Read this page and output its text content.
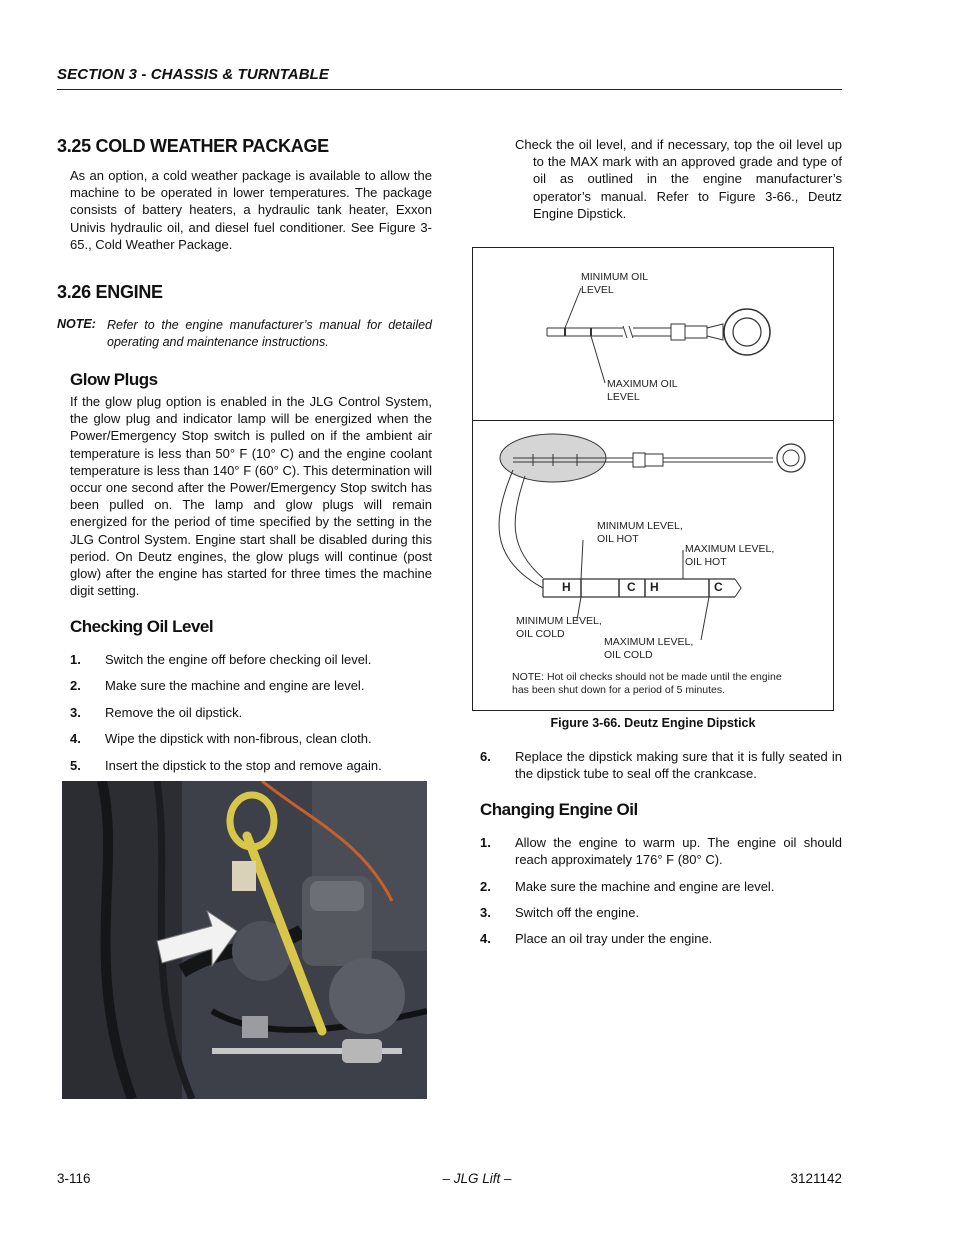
SECTION 3 - CHASSIS & TURNTABLE
3.25 COLD WEATHER PACKAGE
As an option, a cold weather package is available to allow the machine to be operated in lower temperatures. The package consists of battery heaters, a hydraulic tank heater, Exxon Univis hydraulic oil, and diesel fuel conditioner. See Figure 3-65., Cold Weather Package.
3.26 ENGINE
NOTE: Refer to the engine manufacturer’s manual for detailed operating and maintenance instructions.
Glow Plugs
If the glow plug option is enabled in the JLG Control System, the glow plug and indicator lamp will be energized when the Power/Emergency Stop switch is pulled on if the ambient air temperature is less than 50° F (10° C) and the engine coolant temperature is less than 140° F (60° C). This determination will occur one second after the Power/Emergency Stop switch has been pulled on. The lamp and glow plugs will remain energized for the period of time specified by the setting in the JLG Control System. Engine start shall be disabled during this period. On Deutz engines, the glow plugs will continue (post glow) after the engine has started for three times the machine digit setting.
Checking Oil Level
1.	Switch the engine off before checking oil level.
2.	Make sure the machine and engine are level.
3.	Remove the oil dipstick.
4.	Wipe the dipstick with non-fibrous, clean cloth.
5.	Insert the dipstick to the stop and remove again.
Check the oil level, and if necessary, top the oil level up to the MAX mark with an approved grade and type of oil as outlined in the engine manufacturer’s operator’s manual. Refer to Figure 3-66., Deutz Engine Dipstick.
MINIMUM OIL
LEVEL
MAXIMUM OIL
LEVEL
MINIMUM LEVEL,
OIL HOT
MAXIMUM LEVEL,
OIL HOT
MINIMUM LEVEL,
OIL COLD
MAXIMUM LEVEL,
OIL COLD
H	C H	C
NOTE: Hot oil checks should not be made until the engine
has been shut down for a period of 5 minutes.
Figure 3-66. Deutz Engine Dipstick
6.	Replace the dipstick making sure that it is fully seated in the dipstick tube to seal off the crankcase.
Changing Engine Oil
1.	Allow the engine to warm up. The engine oil should reach approximately 176° F (80° C).
2.	Make sure the machine and engine are level.
3.	Switch off the engine.
4.	Place an oil tray under the engine.
3-116	– JLG Lift –	3121142
